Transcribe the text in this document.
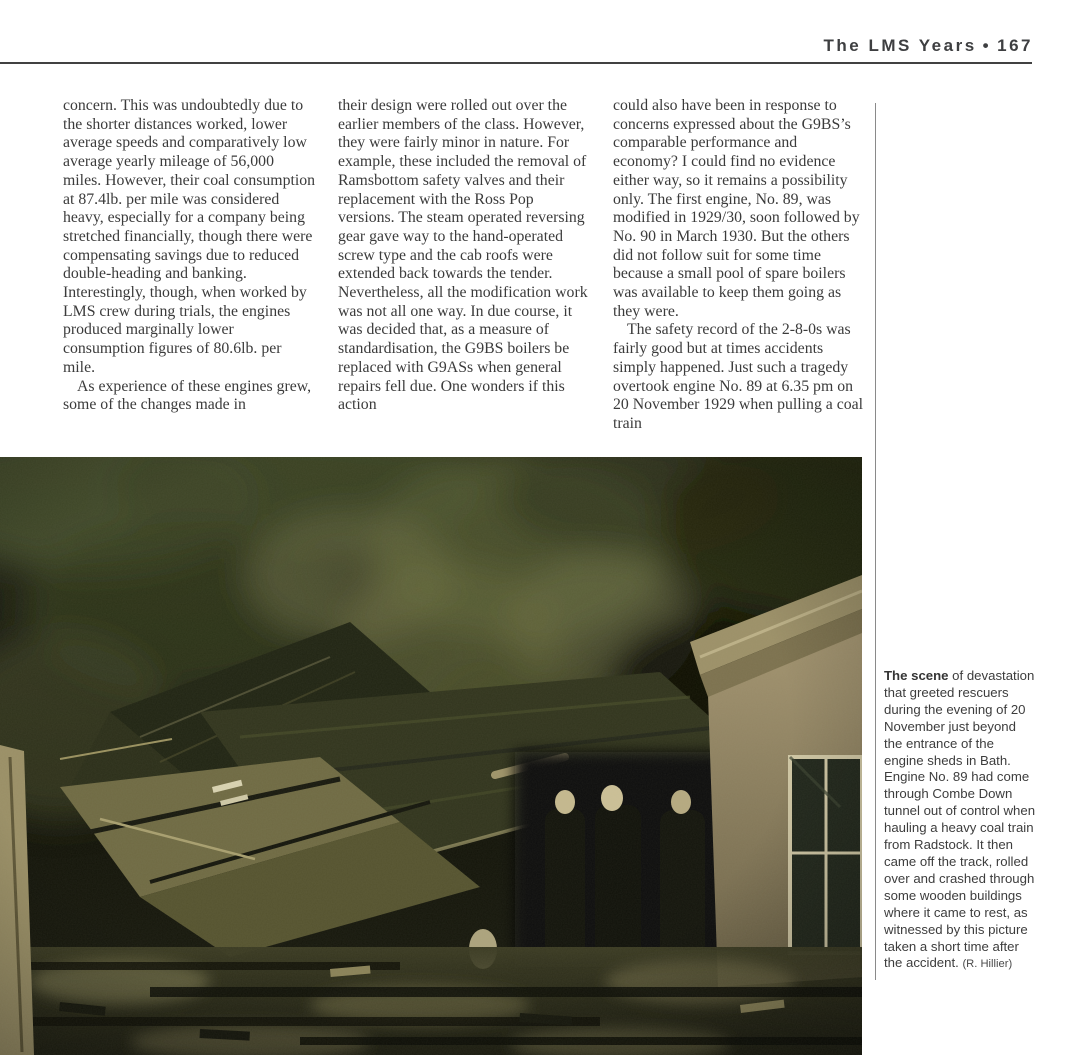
The LMS Years • 167

concern. This was undoubtedly due to the shorter distances worked, lower average speeds and comparatively low average yearly mileage of 56,000 miles. However, their coal consumption at 87.4lb. per mile was considered heavy, especially for a company being stretched financially, though there were compensating savings due to reduced double-heading and banking. Interestingly, though, when worked by LMS crew during trials, the engines produced marginally lower consumption figures of 80.6lb. per mile.

As experience of these engines grew, some of the changes made in

their design were rolled out over the earlier members of the class. However, they were fairly minor in nature. For example, these included the removal of Ramsbottom safety valves and their replacement with the Ross Pop versions. The steam operated reversing gear gave way to the hand-operated screw type and the cab roofs were extended back towards the tender. Nevertheless, all the modification work was not all one way. In due course, it was decided that, as a measure of standardisation, the G9BS boilers be replaced with G9ASs when general repairs fell due. One wonders if this action

could also have been in response to concerns expressed about the G9BS’s comparable performance and economy? I could find no evidence either way, so it remains a possibility only. The first engine, No. 89, was modified in 1929/30, soon followed by No. 90 in March 1930. But the others did not follow suit for some time because a small pool of spare boilers was available to keep them going as they were.

The safety record of the 2-8-0s was fairly good but at times accidents simply happened. Just such a tragedy overtook engine No. 89 at 6.35 pm on 20 November 1929 when pulling a coal train

The scene of devastation that greeted rescuers during the evening of 20 November just beyond the entrance of the engine sheds in Bath. Engine No. 89 had come through Combe Down tunnel out of control when hauling a heavy coal train from Radstock. It then came off the track, rolled over and crashed through some wooden buildings where it came to rest, as witnessed by this picture taken a short time after the accident. (R. Hillier)
